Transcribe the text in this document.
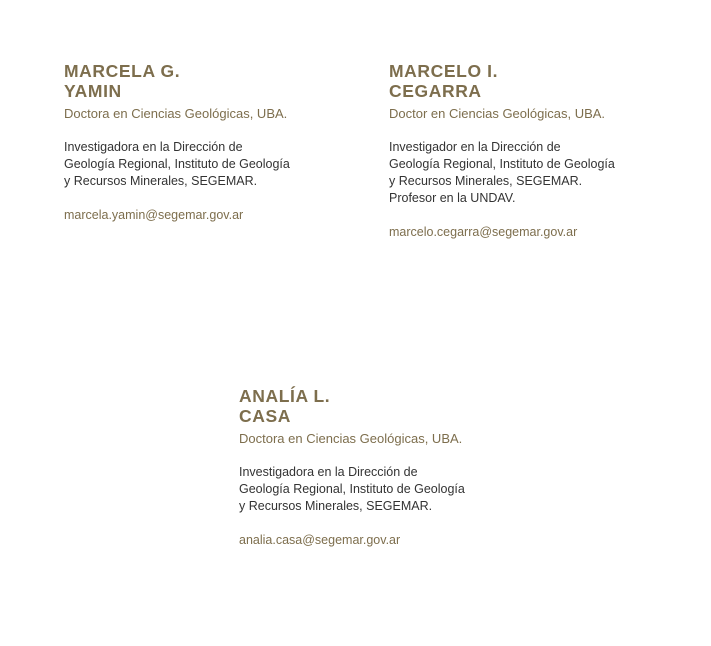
MARCELA G.
YAMIN

Doctora en Ciencias Geológicas, UBA.

Investigadora en la Dirección de
Geología Regional, Instituto de Geología
y Recursos Minerales, SEGEMAR.

marcela.yamin@segemar.gov.ar
MARCELO I.
CEGARRA

Doctor en Ciencias Geológicas, UBA.

Investigador en la Dirección de
Geología Regional, Instituto de Geología
y Recursos Minerales, SEGEMAR.
Profesor en la UNDAV.

marcelo.cegarra@segemar.gov.ar
ANALÍA L.
CASA

Doctora en Ciencias Geológicas, UBA.

Investigadora en la Dirección de
Geología Regional, Instituto de Geología
y Recursos Minerales, SEGEMAR.

analia.casa@segemar.gov.ar
